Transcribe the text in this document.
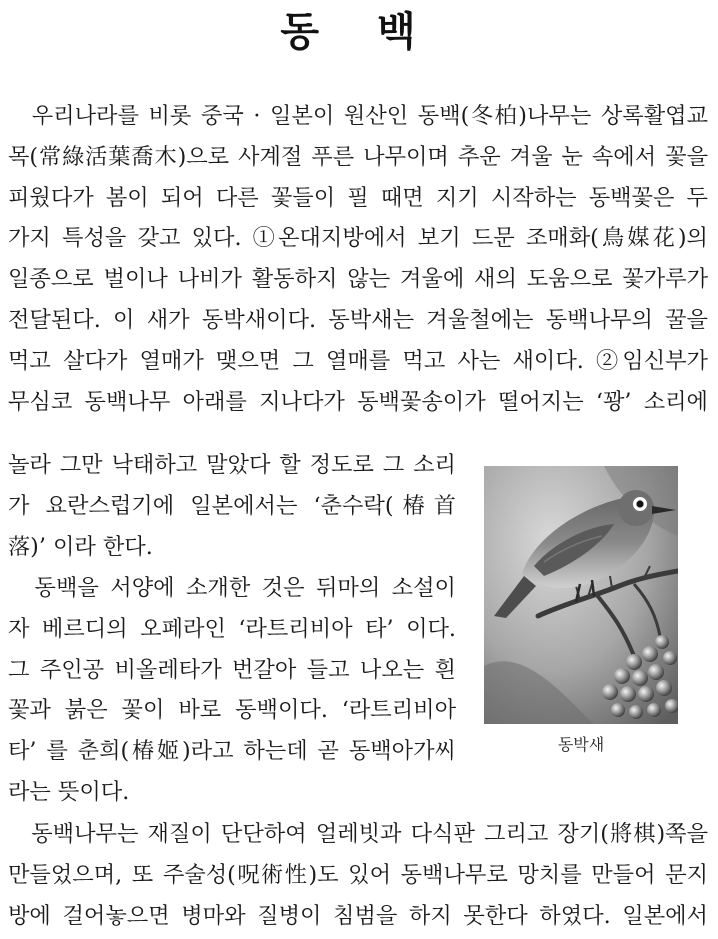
동 백
　우리나라를 비롯 중국 · 일본이 원산인 동백(冬柏)나무는 상록활엽교
목(常綠活葉喬木)으로 사계절 푸른 나무이며 추운 겨울 눈 속에서 꽃을
피웠다가 봄이 되어 다른 꽃들이 필 때면 지기 시작하는 동백꽃은 두
가지 특성을 갖고 있다. ①온대지방에서 보기 드문 조매화(鳥媒花)의
일종으로 벌이나 나비가 활동하지 않는 겨울에 새의 도움으로 꽃가루가
전달된다. 이 새가 동박새이다. 동박새는 겨울철에는 동백나무의 꿀을
먹고 살다가 열매가 맺으면 그 열매를 먹고 사는 새이다. ②임신부가
무심코 동백나무 아래를 지나다가 동백꽃송이가 떨어지는 ‘꽝’ 소리에
놀라 그만 낙태하고 말았다 할 정도로 그 소리
가 요란스럽기에 일본에서는 ‘춘수락(椿首
落)’ 이라 한다.
　동백을 서양에 소개한 것은 뒤마의 소설이
자 베르디의 오페라인 ‘라트리비아 타’ 이다.
그 주인공 비올레타가 번갈아 들고 나오는 흰
꽃과 붉은 꽃이 바로 동백이다. ‘라트리비아
타’ 를 춘희(椿姬)라고 하는데 곧 동백아가씨
라는 뜻이다.
동박새
　동백나무는 재질이 단단하여 얼레빗과 다식판 그리고 장기(將棋)쪽을
만들었으며, 또 주술성(呪術性)도 있어 동백나무로 망치를 만들어 문지
방에 걸어놓으면 병마와 질병이 침범을 하지 못한다 하였다. 일본에서
